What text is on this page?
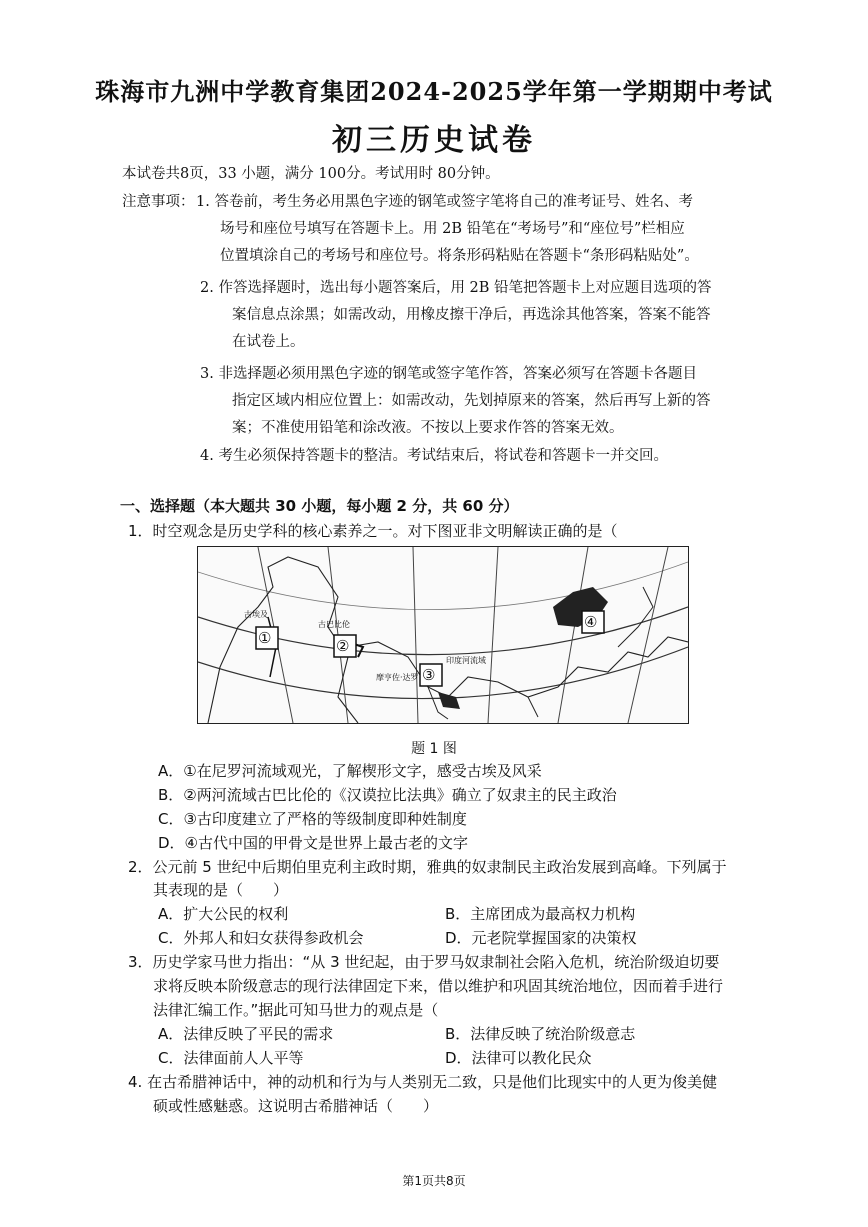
珠海市九洲中学教育集团2024-2025学年第一学期期中考试
初三历史试卷
本试卷共8页，33 小题，满分 100分。考试用时 80分钟。
注意事项： 1. 答卷前，考生务必用黑色字迹的钢笔或签字笔将自己的准考证号、姓名、考
场号和座位号填写在答题卡上。用 2B 铅笔在“考场号”和“座位号”栏相应
位置填涂自己的考场号和座位号。将条形码粘贴在答题卡“条形码粘贴处”。
2. 作答选择题时，选出每小题答案后，用 2B 铅笔把答题卡上对应题目选项的答
案信息点涂黑；如需改动，用橡皮擦干净后，再选涂其他答案，答案不能答
在试卷上。
3. 非选择题必须用黑色字迹的钢笔或签字笔作答，答案必须写在答题卡各题目
指定区域内相应位置上：如需改动，先划掉原来的答案，然后再写上新的答
案；不准使用铅笔和涂改液。不按以上要求作答的答案无效。
4. 考生必须保持答题卡的整洁。考试结束后，将试卷和答题卡一并交回。
一、选择题（本大题共 30 小题，每小题 2 分，共 60 分）
1．时空观念是历史学科的核心素养之一。对下图亚非文明解读正确的是（
①	②
③
④
古埃及
古巴比伦
摩亨佐·达罗
印度河流域
题 1 图
A．①在尼罗河流域观光，了解楔形文字，感受古埃及风采
B．②两河流域古巴比伦的《汉谟拉比法典》确立了奴隶主的民主政治
C．③古印度建立了严格的等级制度即种姓制度
D．④古代中国的甲骨文是世界上最古老的文字
2．公元前 5 世纪中后期伯里克利主政时期，雅典的奴隶制民主政治发展到高峰。下列属于
其表现的是（　　）
A．扩大公民的权利	B．主席团成为最高权力机构
C．外邦人和妇女获得参政机会	D．元老院掌握国家的决策权
3．历史学家马世力指出：“从 3 世纪起，由于罗马奴隶制社会陷入危机，统治阶级迫切要
求将反映本阶级意志的现行法律固定下来，借以维护和巩固其统治地位，因而着手进行
法律汇编工作。”据此可知马世力的观点是（
A．法律反映了平民的需求	B．法律反映了统治阶级意志
C．法律面前人人平等	D．法律可以教化民众
4. 在古希腊神话中，神的动机和行为与人类别无二致，只是他们比现实中的人更为俊美健
硕或性感魅惑。这说明古希腊神话（　　）
第1页共8页
